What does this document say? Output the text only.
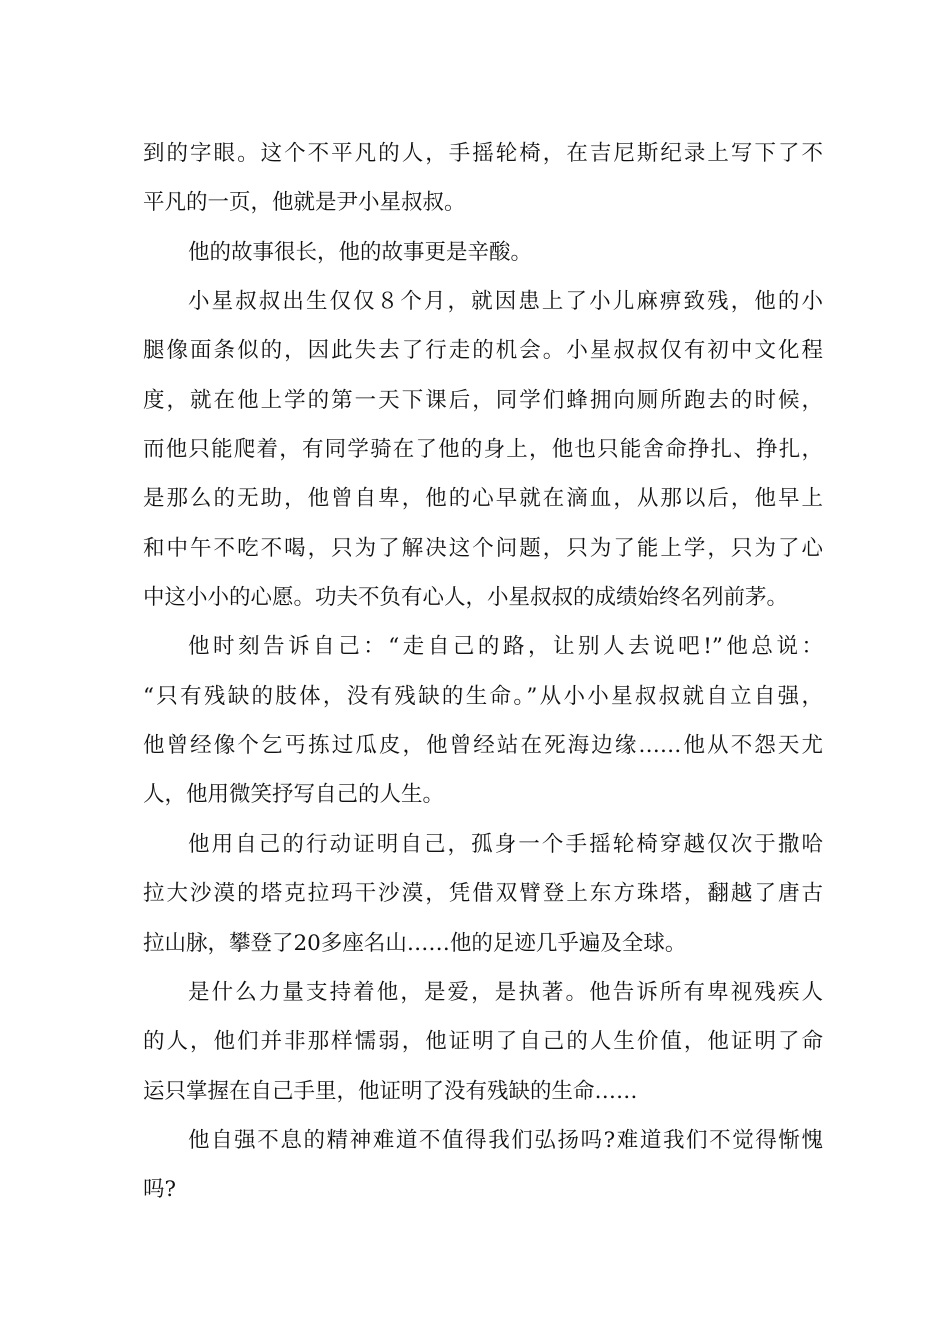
到的字眼。这个不平凡的人，手摇轮椅，在吉尼斯纪录上写下了不
平凡的一页，他就是尹小星叔叔。
他的故事很长，他的故事更是辛酸。
小星叔叔出生仅仅８个月，就因患上了小儿麻痹致残，他的小
腿像面条似的，因此失去了行走的机会。小星叔叔仅有初中文化程
度，就在他上学的第一天下课后，同学们蜂拥向厕所跑去的时候，
而他只能爬着，有同学骑在了他的身上，他也只能舍命挣扎、挣扎，
是那么的无助，他曾自卑，他的心早就在滴血，从那以后，他早上
和中午不吃不喝，只为了解决这个问题，只为了能上学，只为了心
中这小小的心愿。功夫不负有心人，小星叔叔的成绩始终名列前茅。
他时刻告诉自己：“走自己的路，让别人去说吧!”他总说：
“只有残缺的肢体，没有残缺的生命。”从小小星叔叔就自立自强，
他曾经像个乞丐拣过瓜皮，他曾经站在死海边缘……他从不怨天尤
人，他用微笑抒写自己的人生。
他用自己的行动证明自己，孤身一个手摇轮椅穿越仅次于撒哈
拉大沙漠的塔克拉玛干沙漠，凭借双臂登上东方珠塔，翻越了唐古
拉山脉，攀登了20多座名山……他的足迹几乎遍及全球。
是什么力量支持着他，是爱，是执著。他告诉所有卑视残疾人
的人，他们并非那样懦弱，他证明了自己的人生价值，他证明了命
运只掌握在自己手里，他证明了没有残缺的生命……
他自强不息的精神难道不值得我们弘扬吗?难道我们不觉得惭愧
吗?
